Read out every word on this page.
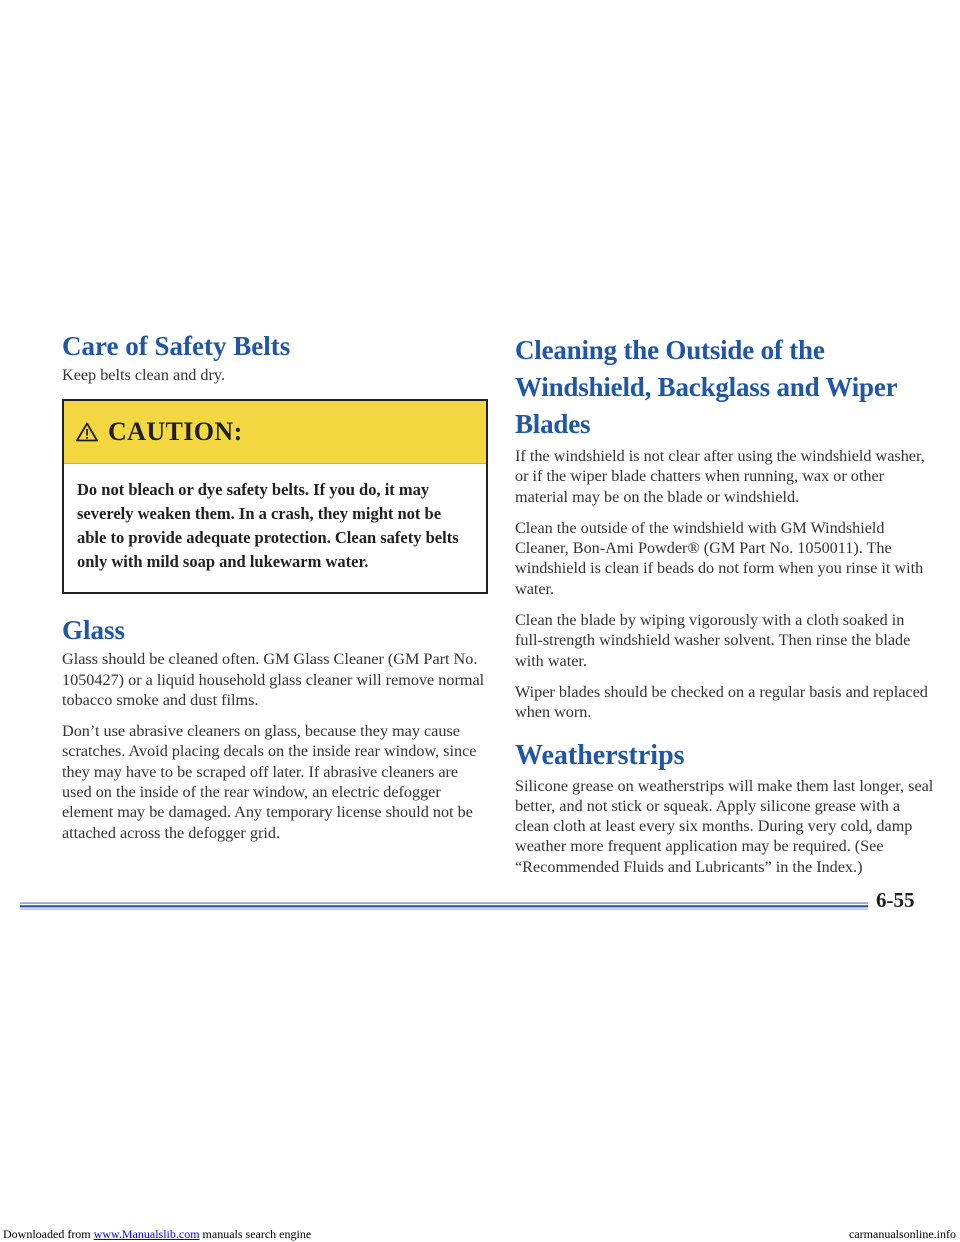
Care of Safety Belts

Keep belts clean and dry.

CAUTION:
Do not bleach or dye safety belts. If you do, it may severely weaken them. In a crash, they might not be able to provide adequate protection. Clean safety belts only with mild soap and lukewarm water.
Glass

Glass should be cleaned often. GM Glass Cleaner (GM Part No. 1050427) or a liquid household glass cleaner will remove normal tobacco smoke and dust films.

Don’t use abrasive cleaners on glass, because they may cause scratches. Avoid placing decals on the inside rear window, since they may have to be scraped off later. If abrasive cleaners are used on the inside of the rear window, an electric defogger element may be damaged. Any temporary license should not be attached across the defogger grid.

Cleaning the Outside of the Windshield, Backglass and Wiper Blades

If the windshield is not clear after using the windshield washer, or if the wiper blade chatters when running, wax or other material may be on the blade or windshield.

Clean the outside of the windshield with GM Windshield Cleaner, Bon-Ami Powder® (GM Part No. 1050011). The windshield is clean if beads do not form when you rinse it with water.

Clean the blade by wiping vigorously with a cloth soaked in full-strength windshield washer solvent. Then rinse the blade with water.

Wiper blades should be checked on a regular basis and replaced when worn.

Weatherstrips

Silicone grease on weatherstrips will make them last longer, seal better, and not stick or squeak. Apply silicone grease with a clean cloth at least every six months. During very cold, damp weather more frequent application may be required. (See “Recommended Fluids and Lubricants” in the Index.)

6-55
Downloaded from www.Manualslib.com manuals search engine	carmanualsonline.info
